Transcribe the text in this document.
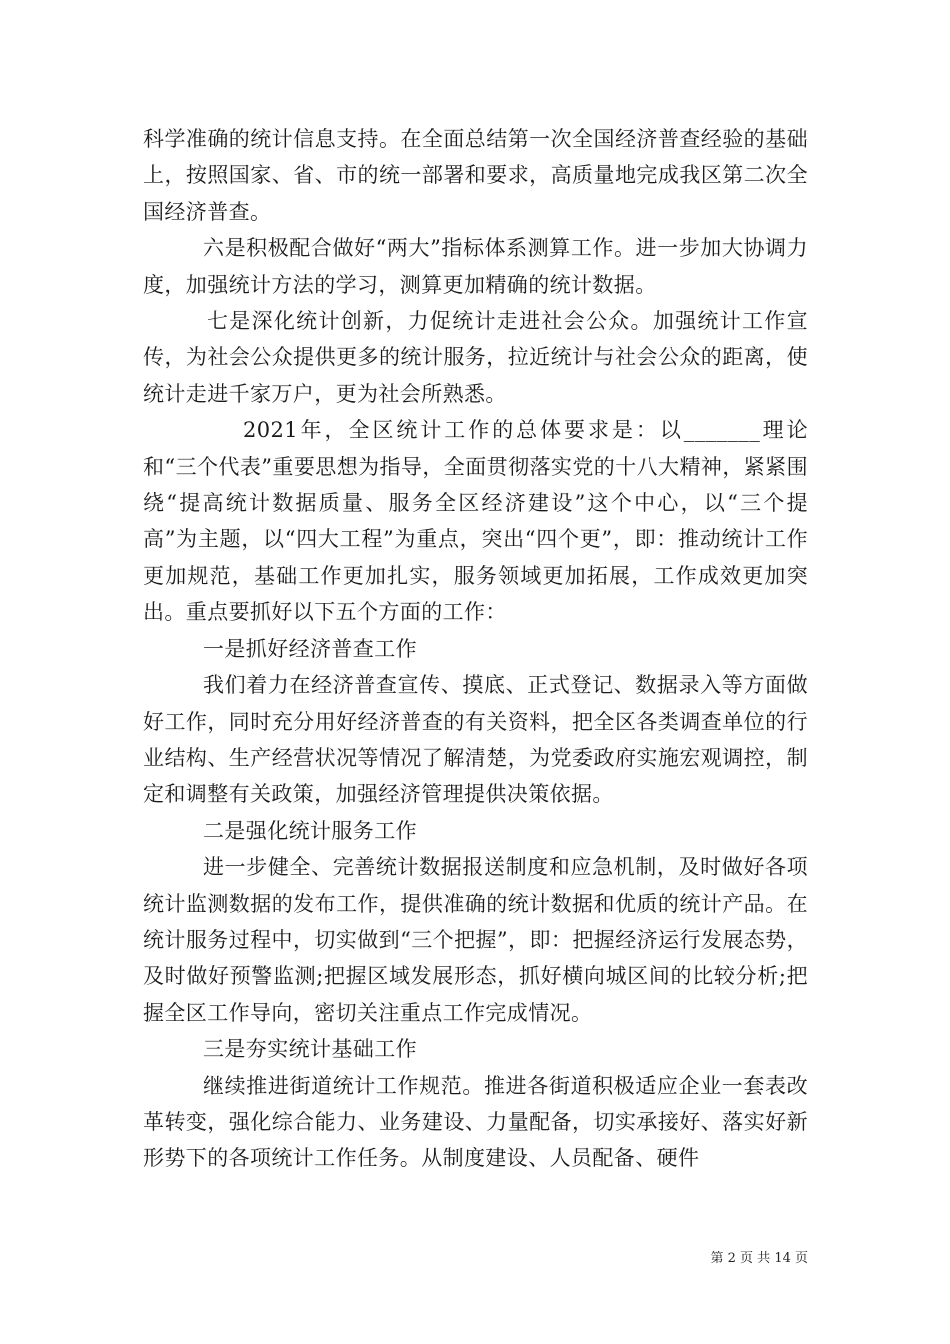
科学准确的统计信息支持。在全面总结第一次全国经济普查经验的基础上，按照国家、省、市的统一部署和要求，高质量地完成我区第二次全国经济普查。

六是积极配合做好“两大”指标体系测算工作。进一步加大协调力度，加强统计方法的学习，测算更加精确的统计数据。

七是深化统计创新，力促统计走进社会公众。加强统计工作宣传，为社会公众提供更多的统计服务，拉近统计与社会公众的距离，使统计走进千家万户，更为社会所熟悉。

2021年，全区统计工作的总体要求是：以_______理论和“三个代表”重要思想为指导，全面贯彻落实党的十八大精神，紧紧围绕“提高统计数据质量、服务全区经济建设”这个中心，以“三个提高”为主题，以“四大工程”为重点，突出“四个更”，即：推动统计工作更加规范，基础工作更加扎实，服务领域更加拓展，工作成效更加突出。重点要抓好以下五个方面的工作：

一是抓好经济普查工作

我们着力在经济普查宣传、摸底、正式登记、数据录入等方面做好工作，同时充分用好经济普查的有关资料，把全区各类调查单位的行业结构、生产经营状况等情况了解清楚，为党委政府实施宏观调控，制定和调整有关政策，加强经济管理提供决策依据。

二是强化统计服务工作

进一步健全、完善统计数据报送制度和应急机制，及时做好各项统计监测数据的发布工作，提供准确的统计数据和优质的统计产品。在统计服务过程中，切实做到“三个把握”，即：把握经济运行发展态势，及时做好预警监测;把握区域发展形态，抓好横向城区间的比较分析;把握全区工作导向，密切关注重点工作完成情况。

三是夯实统计基础工作

继续推进街道统计工作规范。推进各街道积极适应企业一套表改革转变，强化综合能力、业务建设、力量配备，切实承接好、落实好新形势下的各项统计工作任务。从制度建设、人员配备、硬件

第 2 页 共 14 页
